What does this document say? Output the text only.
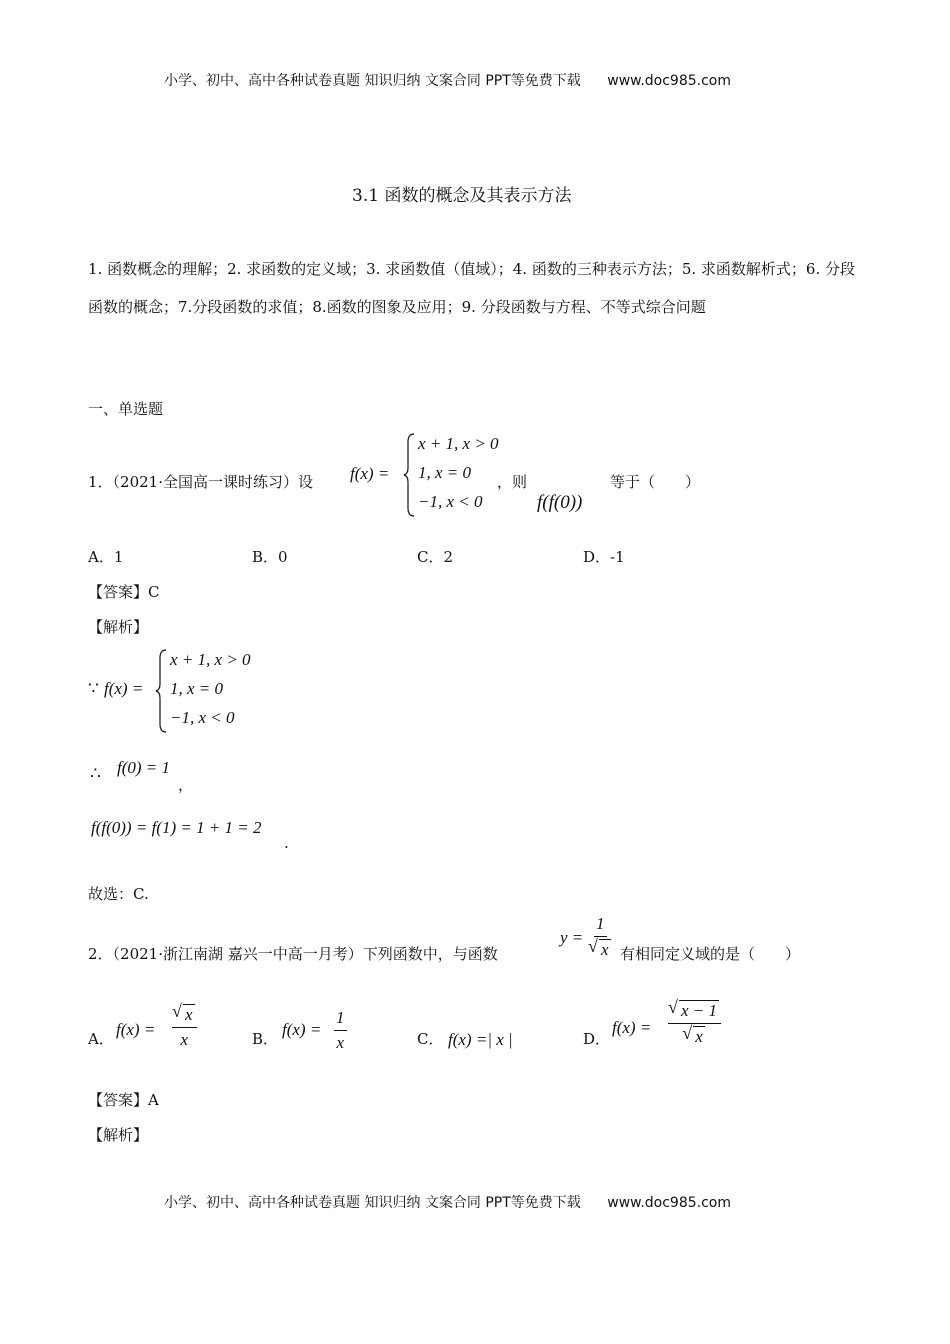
小学、初中、高中各种试卷真题 知识归纳 文案合同 PPT等免费下载 www.doc985.com
3.1 函数的概念及其表示方法
1. 函数概念的理解；2. 求函数的定义域；3. 求函数值（值域）；4. 函数的三种表示方法；5. 求函数解析式；6. 分段函数的概念；7.分段函数的求值；8.函数的图象及应用；9. 分段函数与方程、不等式综合问题
一、单选题
1．（2021·全国高一课时练习）设 f(x) =
x + 1, x > 0
1, x = 0
−1, x < 0
，则
f(f(0))
等于（　　）
A．1	B．0	C．2	D．-1
【答案】C
【解析】
∵ f(x) =
x + 1, x > 0
1, x = 0
−1, x < 0
∴ f(0) = 1
，
f(f(0)) = f(1) = 1 + 1 = 2
.
故选：C.
2．（2021·浙江南湖 嘉兴一中高一月考）下列函数中，与函数
y = 1
√ x 有相同定义域的是（　　）
A． f(x) = √ $\frac{x}{x}$	B． $f(x) = \frac{1}{x}$	C． f(x) =| x |	D．
f(x) = √ x − 1
√ x
【答案】A
【解析】
小学、初中、高中各种试卷真题 知识归纳 文案合同 PPT等免费下载 www.doc985.com
